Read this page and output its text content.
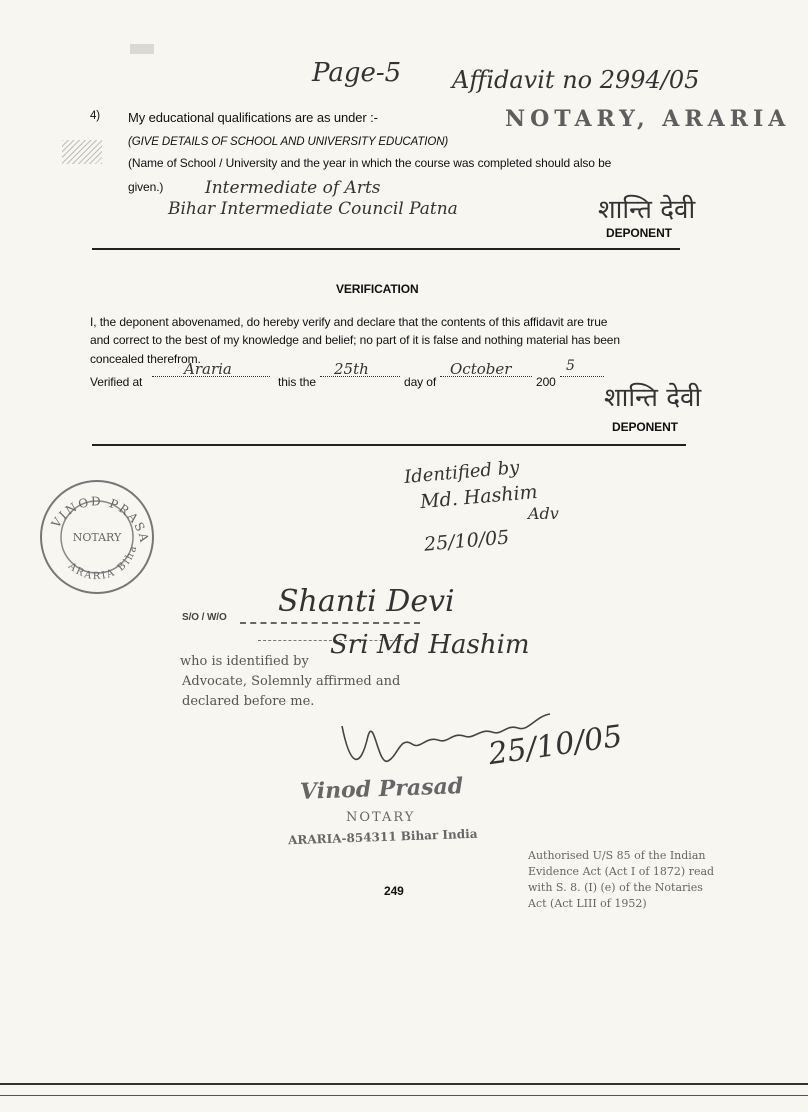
Page-5 Affidavit no 2994/05
NOTARY, ARARIA
4) My educational qualifications are as under :-
(GIVE DETAILS OF SCHOOL AND UNIVERSITY EDUCATION)
(Name of School / University and the year in which the course was completed should also be
given.) Intermediate of Arts
Bihar Intermediate Council Patna	शान्ति देवी
DEPONENT
VERIFICATION
I, the deponent abovenamed, do hereby verify and declare that the contents of this affidavit are true
and correct to the best of my knowledge and belief; no part of it is false and nothing material has been
concealed therefrom.
Verified at
Araria
this the
25th
day of
October
200
5
शान्ति देवी
DEPONENT
Identified by
Md. Hashim
Adv
25/10/05
VINOD PRASA
ARARIA Biha
NOTARY
S/O / W/O Shanti Devi
who is identified by
Sri Md Hashim
Advocate, Solemnly affirmed and
declared before me.
25/10/05
Vinod Prasad
NOTARY
ARARIA-854311 Bihar India
249
Authorised U/S 85 of the Indian
Evidence Act (Act I of 1872) read
with S. 8. (I) (e) of the Notaries
Act (Act LIII of 1952)
